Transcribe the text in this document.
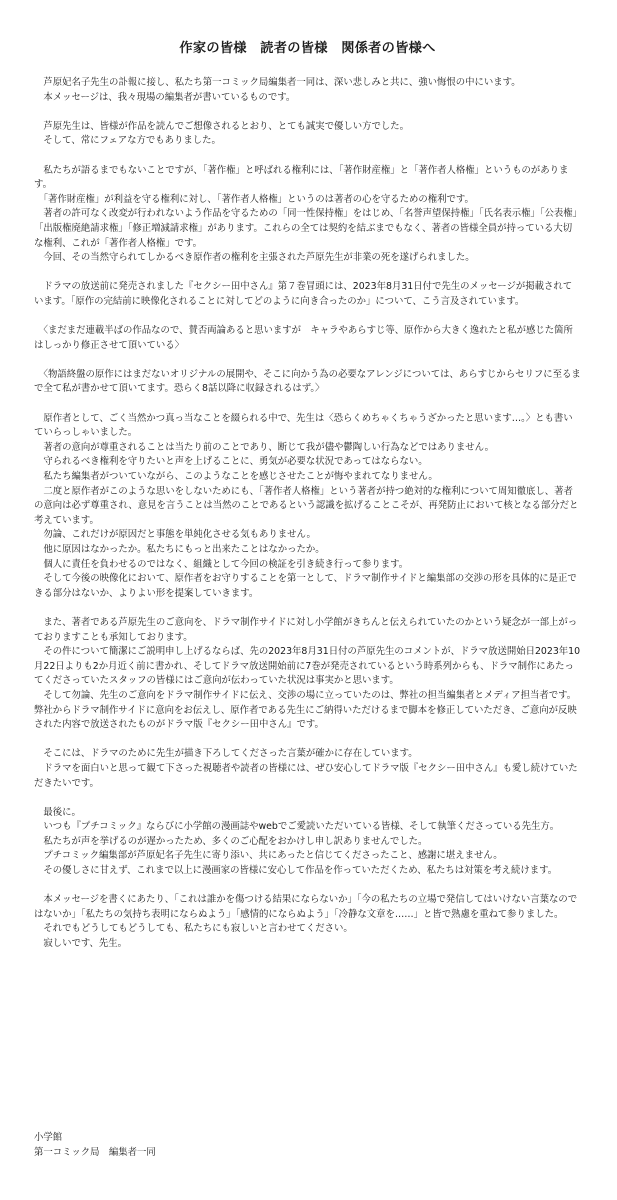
作家の皆様　読者の皆様　関係者の皆様へ

　芦原妃名子先生の訃報に接し、私たち第一コミック局編集者一同は、深い悲しみと共に、強い悔恨の中にいます。
　本メッセージは、我々現場の編集者が書いているものです。

　芦原先生は、皆様が作品を読んでご想像されるとおり、とても誠実で優しい方でした。
　そして、常にフェアな方でもありました。

　私たちが語るまでもないことですが、「著作権」と呼ばれる権利には、「著作財産権」と「著作者人格権」というものがあります。
　「著作財産権」が利益を守る権利に対し、「著作者人格権」というのは著者の心を守るための権利です。
　著者の許可なく改変が行われないよう作品を守るための「同一性保持権」をはじめ、「名誉声望保持権」「氏名表示権」「公表権」「出版権廃絶請求権」「修正増減請求権」があります。これらの全ては契約を結ぶまでもなく、著者の皆様全員が持っている大切な権利、これが「著作者人格権」です。
　今回、その当然守られてしかるべき原作者の権利を主張された芦原先生が非業の死を遂げられました。

　ドラマの放送前に発売されました『セクシー田中さん』第７巻冒頭には、2023年8月31日付で先生のメッセージが掲載されています。「原作の完結前に映像化されることに対してどのように向き合ったのか」について、こう言及されています。

　〈まだまだ連載半ばの作品なので、賛否両論あると思いますが　キャラやあらすじ等、原作から大きく逸れたと私が感じた箇所はしっかり修正させて頂いている〉

　〈物語終盤の原作にはまだないオリジナルの展開や、そこに向かう為の必要なアレンジについては、あらすじからセリフに至るまで全て私が書かせて頂いてます。恐らく8話以降に収録されるはず。〉

　原作者として、ごく当然かつ真っ当なことを綴られる中で、先生は〈恐らくめちゃくちゃうざかったと思います…。〉とも書いていらっしゃいました。
　著者の意向が尊重されることは当たり前のことであり、断じて我が儘や鬱陶しい行為などではありません。
　守られるべき権利を守りたいと声を上げることに、勇気が必要な状況であってはならない。
　私たち編集者がついていながら、このようなことを感じさせたことが悔やまれてなりません。
　二度と原作者がこのような思いをしないためにも、「著作者人格権」という著者が持つ絶対的な権利について周知徹底し、著者の意向は必ず尊重され、意見を言うことは当然のことであるという認識を拡げることこそが、再発防止において核となる部分だと考えています。
　勿論、これだけが原因だと事態を単純化させる気もありません。
　他に原因はなかったか。私たちにもっと出来たことはなかったか。
　個人に責任を負わせるのではなく、組織として今回の検証を引き続き行って参ります。
　そして今後の映像化において、原作者をお守りすることを第一として、ドラマ制作サイドと編集部の交渉の形を具体的に是正できる部分はないか、よりよい形を提案していきます。

　また、著者である芦原先生のご意向を、ドラマ制作サイドに対し小学館がきちんと伝えられていたのかという疑念が一部上がっておりますことも承知しております。
　その件について簡潔にご説明申し上げるならば、先の2023年8月31日付の芦原先生のコメントが、ドラマ放送開始日2023年10月22日よりも2か月近く前に書かれ、そしてドラマ放送開始前に7巻が発売されているという時系列からも、ドラマ制作にあたってくださっていたスタッフの皆様にはご意向が伝わっていた状況は事実かと思います。
　そして勿論、先生のご意向をドラマ制作サイドに伝え、交渉の場に立っていたのは、弊社の担当編集者とメディア担当者です。
弊社からドラマ制作サイドに意向をお伝えし、原作者である先生にご納得いただけるまで脚本を修正していただき、ご意向が反映された内容で放送されたものがドラマ版『セクシー田中さん』です。

　そこには、ドラマのために先生が描き下ろしてくださった言葉が確かに存在しています。
　ドラマを面白いと思って観て下さった視聴者や読者の皆様には、ぜひ安心してドラマ版『セクシー田中さん』も愛し続けていただきたいです。

　最後に。
　いつも『プチコミック』ならびに小学館の漫画誌やwebでご愛読いただいている皆様、そして執筆くださっている先生方。
　私たちが声を挙げるのが遅かったため、多くのご心配をおかけし申し訳ありませんでした。
　プチコミック編集部が芦原妃名子先生に寄り添い、共にあったと信じてくださったこと、感謝に堪えません。
　その優しさに甘えず、これまで以上に漫画家の皆様に安心して作品を作っていただくため、私たちは対策を考え続けます。

　本メッセージを書くにあたり、「これは誰かを傷つける結果にならないか」「今の私たちの立場で発信してはいけない言葉なのではないか」「私たちの気持ち表明にならぬよう」「感情的にならぬよう」「冷静な文章を……」と皆で熟慮を重ねて参りました。
　それでもどうしてもどうしても、私たちにも寂しいと言わせてください。
　寂しいです、先生。

小学館
第一コミック局　編集者一同
